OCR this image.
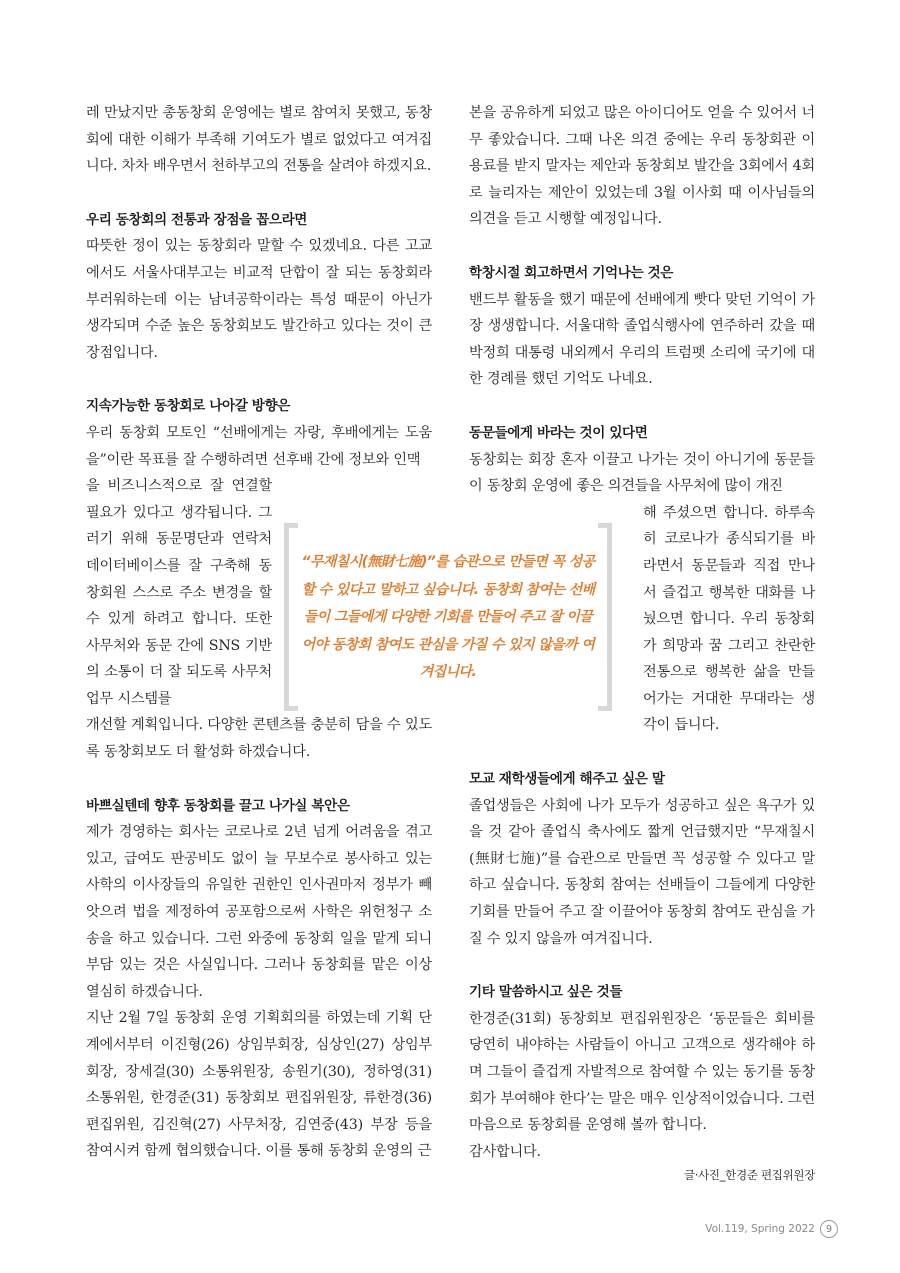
레 만났지만 총동창회 운영에는 별로 참여치 못했고, 동창회에 대한 이해가 부족해 기여도가 별로 없었다고 여겨집니다. 차차 배우면서 천하부고의 전통을 살려야 하겠지요.

우리 동창회의 전통과 장점을 꼽으라면

따뜻한 정이 있는 동창회라 말할 수 있겠네요. 다른 고교에서도 서울사대부고는 비교적 단합이 잘 되는 동창회라 부러워하는데 이는 남녀공학이라는 특성 때문이 아닌가 생각되며 수준 높은 동창회보도 발간하고 있다는 것이 큰 장점입니다.

지속가능한 동창회로 나아갈 방향은

우리 동창회 모토인 “선배에게는 자랑, 후배에게는 도움을”이란 목표를 잘 수행하려면 선후배 간에 정보와 인맥

을 비즈니스적으로 잘 연결할 필요가 있다고 생각됩니다. 그러기 위해 동문명단과 연락처 데이터베이스를 잘 구축해 동창회원 스스로 주소 변경을 할 수 있게 하려고 합니다. 또한 사무처와 동문 간에 SNS 기반의 소통이 더 잘 되도록 사무처 업무 시스템를

개선할 계획입니다. 다양한 콘텐츠를 충분히 담을 수 있도록 동창회보도 더 활성화 하겠습니다.

바쁘실텐데 향후 동창회를 끌고 나가실 복안은

제가 경영하는 회사는 코로나로 2년 넘게 어려움을 겪고 있고, 급여도 판공비도 없이 늘 무보수로 봉사하고 있는 사학의 이사장들의 유일한 권한인 인사권마저 정부가 빼앗으려 법을 제정하여 공포함으로써 사학은 위헌청구 소송을 하고 있습니다. 그런 와중에 동창회 일을 맡게 되니 부담 있는 것은 사실입니다. 그러나 동창회를 맡은 이상 열심히 하겠습니다.

지난 2월 7일 동창회 운영 기획회의를 하였는데 기획 단계에서부터 이진형(26) 상임부회장, 심상인(27) 상임부회장, 장세걸(30) 소통위원장, 송원기(30), 정하영(31) 소통위원, 한경준(31) 동창회보 편집위원장, 류한경(36) 편집위원, 김진혁(27) 사무처장, 김연중(43) 부장 등을 참여시켜 함께 협의했습니다. 이를 통해 동창회 운영의 근

본을 공유하게 되었고 많은 아이디어도 얻을 수 있어서 너무 좋았습니다. 그때 나온 의견 중에는 우리 동창회관 이용료를 받지 말자는 제안과 동창회보 발간을 3회에서 4회로 늘리자는 제안이 있었는데 3월 이사회 때 이사님들의 의견을 듣고 시행할 예정입니다.

학창시절 회고하면서 기억나는 것은

밴드부 활동을 했기 때문에 선배에게 빳다 맞던 기억이 가장 생생합니다. 서울대학 졸업식행사에 연주하러 갔을 때 박정희 대통령 내외께서 우리의 트럼펫 소리에 국기에 대한 경례를 했던 기억도 나네요.

동문들에게 바라는 것이 있다면

동창회는 회장 혼자 이끌고 나가는 것이 아니기에 동문들이 동창회 운영에 좋은 의견들을 사무처에 많이 개진

해 주셨으면 합니다. 하루속히 코로나가 종식되기를 바라면서 동문들과 직접 만나서 즐겁고 행복한 대화를 나눴으면 합니다. 우리 동창회가 희망과 꿈 그리고 찬란한 전통으로 행복한 삶을 만들어가는 거대한 무대라는 생각이 듭니다.

모교 재학생들에게 해주고 싶은 말

졸업생들은 사회에 나가 모두가 성공하고 싶은 욕구가 있을 것 같아 졸업식 축사에도 짧게 언급했지만 “무재칠시(無財七施)”를 습관으로 만들면 꼭 성공할 수 있다고 말하고 싶습니다. 동창회 참여는 선배들이 그들에게 다양한 기회를 만들어 주고 잘 이끌어야 동창회 참여도 관심을 가질 수 있지 않을까 여겨집니다.

기타 말씀하시고 싶은 것들

한경준(31회) 동창회보 편집위원장은 ‘동문들은 회비를 당연히 내야하는 사람들이 아니고 고객으로 생각해야 하며 그들이 즐겁게 자발적으로 참여할 수 있는 동기를 동창회가 부여해야 한다’는 말은 매우 인상적이었습니다. 그런 마음으로 동창회를 운영해 볼까 합니다.

감사합니다.

글·사진_한경준 편집위원장

“무재칠시(無財七施)”를 습관으로 만들면 꼭 성공할 수 있다고 말하고 싶습니다. 동창회 참여는 선배들이 그들에게 다양한 기회를 만들어 주고 잘 이끌어야 동창회 참여도 관심을 가질 수 있지 않을까 여겨집니다.

Vol.119, Spring 2022	9
